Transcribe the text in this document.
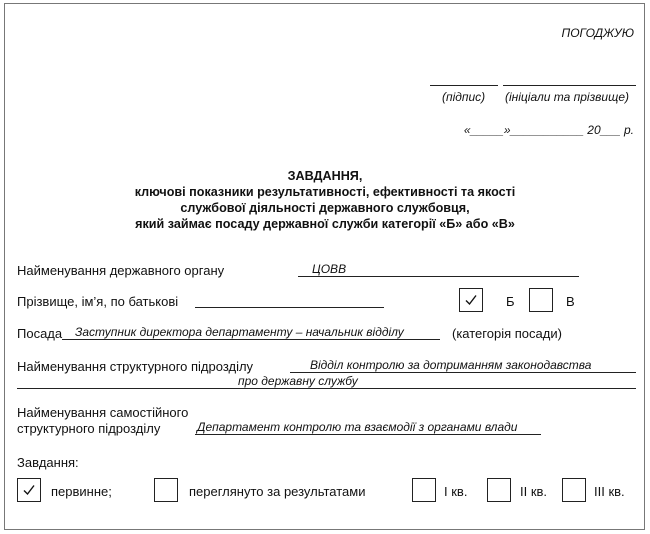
ПОГОДЖУЮ
(підпис) (ініціали та прізвище)
«_____»___________ 20___ р.
ЗАВДАННЯ,
ключові показники результативності, ефективності та якості
службової діяльності державного службовця,
який займає посаду державної служби категорії «Б» або «В»
Найменування державного органу	ЦОВВ
Прізвище, ім’я, по батькові	Б	В
Посада Заступник директора департаменту – начальник відділу	(категорія посади)
Найменування структурного підрозділу	Відділ контролю за дотриманням законодавства
про державну службу
Найменування самостійного
структурного підрозділу	Департамент контролю та взаємодії з органами влади
Завдання:
первинне;	переглянуто за результатами	I кв.	II кв.	III кв.
